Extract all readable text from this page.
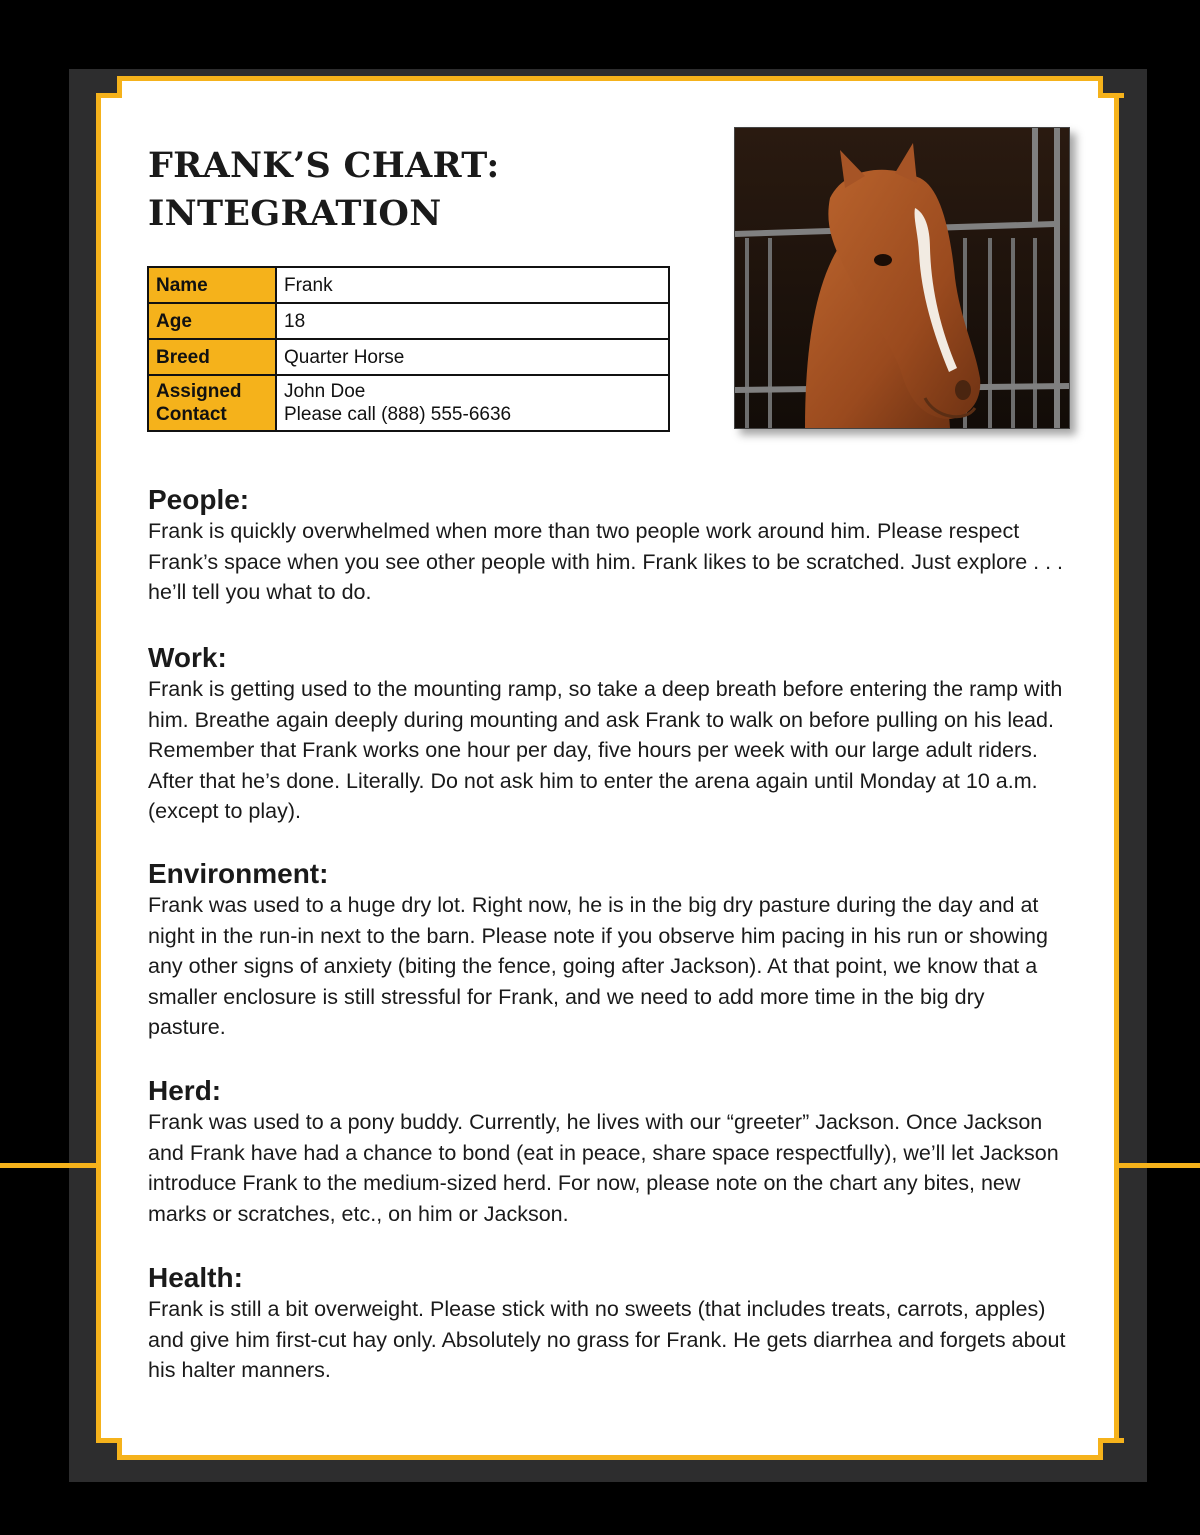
FRANK’S CHART:
INTEGRATION
Name	Frank
Age	18
Breed	Quarter Horse

Assigned
Contact	John Doe
Please call (888) 555-6636
People:

Frank is quickly overwhelmed when more than two people work around him. Please respect Frank’s space when you see other people with him. Frank likes to be scratched. Just explore . . . he’ll tell you what to do.

Work:

Frank is getting used to the mounting ramp, so take a deep breath before entering the ramp with him. Breathe again deeply during mounting and ask Frank to walk on before pulling on his lead. Remember that Frank works one hour per day, five hours per week with our large adult riders. After that he’s done. Literally. Do not ask him to enter the arena again until Monday at 10 a.m. (except to play).

Environment:

Frank was used to a huge dry lot. Right now, he is in the big dry pasture during the day and at night in the run-in next to the barn. Please note if you observe him pacing in his run or showing any other signs of anxiety (biting the fence, going after Jackson). At that point, we know that a smaller enclosure is still stressful for Frank, and we need to add more time in the big dry pasture.

Herd:

Frank was used to a pony buddy. Currently, he lives with our “greeter” Jackson. Once Jackson and Frank have had a chance to bond (eat in peace, share space respectfully), we’ll let Jackson introduce Frank to the medium-sized herd. For now, please note on the chart any bites, new marks or scratches, etc., on him or Jackson.

Health:

Frank is still a bit overweight. Please stick with no sweets (that includes treats, carrots, apples) and give him first-cut hay only. Absolutely no grass for Frank. He gets diarrhea and forgets about his halter manners.
